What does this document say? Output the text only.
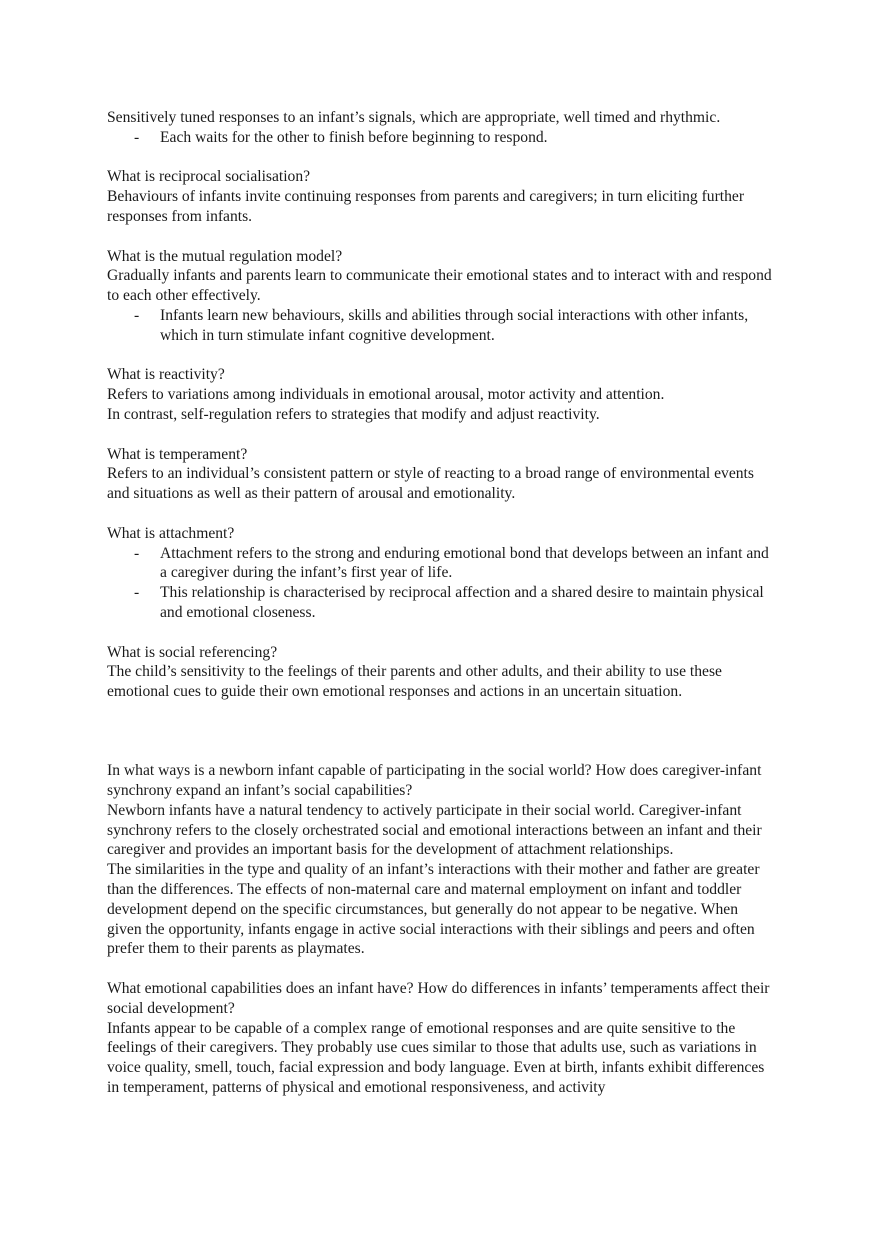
Sensitively tuned responses to an infant’s signals, which are appropriate, well timed and rhythmic.

- Each waits for the other to finish before beginning to respond.

What is reciprocal socialisation?

Behaviours of infants invite continuing responses from parents and caregivers; in turn eliciting further responses from infants.

What is the mutual regulation model?

Gradually infants and parents learn to communicate their emotional states and to interact with and respond to each other effectively.

- Infants learn new behaviours, skills and abilities through social interactions with other infants, which in turn stimulate infant cognitive development.

What is reactivity?

Refers to variations among individuals in emotional arousal, motor activity and attention.

In contrast, self-regulation refers to strategies that modify and adjust reactivity.

What is temperament?

Refers to an individual’s consistent pattern or style of reacting to a broad range of environmental events and situations as well as their pattern of arousal and emotionality.

What is attachment?

- Attachment refers to the strong and enduring emotional bond that develops between an infant and a caregiver during the infant’s first year of life.
- This relationship is characterised by reciprocal affection and a shared desire to maintain physical and emotional closeness.

What is social referencing?

The child’s sensitivity to the feelings of their parents and other adults, and their ability to use these emotional cues to guide their own emotional responses and actions in an uncertain situation.

In what ways is a newborn infant capable of participating in the social world? How does caregiver-infant synchrony expand an infant’s social capabilities?

Newborn infants have a natural tendency to actively participate in their social world. Caregiver-infant synchrony refers to the closely orchestrated social and emotional interactions between an infant and their caregiver and provides an important basis for the development of attachment relationships.

The similarities in the type and quality of an infant’s interactions with their mother and father are greater than the differences. The effects of non-maternal care and maternal employment on infant and toddler development depend on the specific circumstances, but generally do not appear to be negative. When given the opportunity, infants engage in active social interactions with their siblings and peers and often prefer them to their parents as playmates.

What emotional capabilities does an infant have? How do differences in infants’ temperaments affect their social development?

Infants appear to be capable of a complex range of emotional responses and are quite sensitive to the feelings of their caregivers. They probably use cues similar to those that adults use, such as variations in voice quality, smell, touch, facial expression and body language. Even at birth, infants exhibit differences in temperament, patterns of physical and emotional responsiveness, and activity
